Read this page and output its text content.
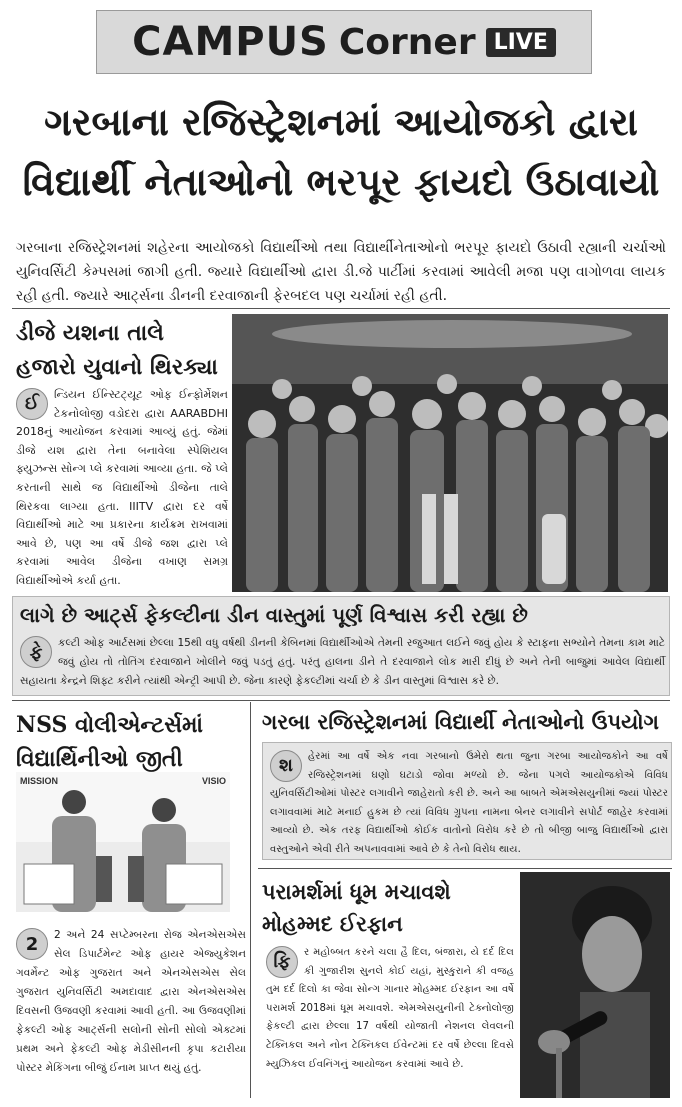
CAMPUS Corner LIVE
ગરબાના રજિસ્ટ્રેશનમાં આયોજકો દ્વારા
વિદ્યાર્થી નેતાઓનો ભરપૂર ફાયદો ઉઠાવાયો
ગરબાના રજિસ્ટ્રેશનમાં શહેરના આયોજકો વિદ્યાર્થીઓ તથા વિદ્યાર્થીનેતાઓનો ભરપૂર ફાયદો ઉઠાવી રહ્યાની ચર્ચાઓ યુનિવર્સિટી કેમ્પસમાં જાગી હતી. જ્યારે વિદ્યાર્થીઓ દ્વારા ડી.જે પાર્ટીમાં કરવામાં આવેલી મજા પણ વાગોળવા લાયક રહી હતી. જ્યારે આર્ટ્સના ડીનની દરવાજાની ફેરબદલ પણ ચર્ચામાં રહી હતી.
ડીજે યશના તાલે
હજારો યુવાનો થિરક્યા
ઈ	ન્ડિયન ઈન્સ્ટિટ્યૂટ ઓફ ઈન્ફોર્મેશન ટેકનોલોજી વડોદરા દ્વારા AARABDHI 2018નું આયોજન કરવામાં આવ્યું હતું. જેમાં ડીજે યશ દ્વારા તેના બનાવેલા સ્પેશિયલ ફ્યુઝન્સ સોન્ગ પ્લે કરવામાં આવ્યા હતા. જે પ્લે કરતાની સાથે જ વિદ્યાર્થીઓ ડીજેના તાલે થિરકવા લાગ્યા હતા. IIITV દ્વારા દર વર્ષે વિદ્યાર્થીઓ માટે આ પ્રકારના કાર્યક્રમ રાખવામાં આવે છે, પણ આ વર્ષે ડીજે જશ દ્વારા પ્લે કરવામાં આવેલ ડીજેના વખાણ સમગ્ર વિદ્યાર્થીઓએ કર્યા હતા.
લાગે છે આર્ટ્સ ફેકલ્ટીના ડીન વાસ્તુમાં પૂર્ણ વિશ્વાસ કરી રહ્યા છે
ફે	કલ્ટી ઓફ આર્ટસમાં છેલ્લા 15થી વધુ વર્ષથી ડીનની કેબિનમાં વિદ્યાર્થીઓએ તેમની રજુઆત લઈને જવું હોય કે સ્ટાફના સભ્યોને તેમના કામ માટે જવું હોય તો તોતિંગ દરવાજાને ખોલીને જવું પડતું હતું. પરંતુ હાલના ડીને તે દરવાજાને લોક મારી દીધું છે અને તેની બાજુમાં આવેલ વિદ્યાર્થી સહાયતા કેન્દ્રને શિફ્ટ કરીને ત્યાંથી એન્ટ્રી આપી છે. જેના કારણે ફેકલ્ટીમાં ચર્ચા છે કે ડીન વાસ્તુમાં વિશ્વાસ કરે છે.
NSS વોલીએન્ટર્સમાં
વિદ્યાર્થિનીઓ જીતી
MISSION	VISIO
2	2 અને 24 સપ્ટેમ્બરના રોજ એનએસએસ સેલ ડિપાર્ટમેન્ટ ઓફ હાયર એજ્યુકેશન ગવર્મેન્ટ ઓફ ગુજરાત અને એનએસએસ સેલ ગુજરાત યુનિવર્સિટી અમદાવાદ દ્વારા એનએસએસ દિવસની ઉજવણી કરવામાં આવી હતી. આ ઉજવણીમાં ફેકલ્ટી ઓફ આર્ટ્સની સલોની સોની સોલો એક્ટમાં પ્રથમ અને ફેકલ્ટી ઓફ મેડીસીનની કૃપા કટારીયા પોસ્ટર મેકિંગના બીજું ઈનામ પ્રાપ્ત થયું હતું.
ગરબા રજિસ્ટ્રેશનમાં વિદ્યાર્થી નેતાઓનો ઉપયોગ
શ	હેરમાં આ વર્ષે એક નવા ગરબાનો ઉમેરો થતા જુના ગરબા આયોજકોને આ વર્ષે રજિસ્ટ્રેશનમાં ઘણો ઘટાડો જોવા મળ્યો છે. જેના પગલે આયોજકોએ વિવિધ યુનિવર્સિટીઓમાં પોસ્ટર લગાવીને જાહેરાતો કરી છે. અને આ બાબતે એમએસયુનીમાં જ્યાં પોસ્ટર લગાવવામાં માટે મનાઈ હુકમ છે ત્યાં વિવિધ ગ્રુપના નામના બેનર લગાવીને સપોર્ટ જાહેર કરવામાં આવ્યો છે. એક તરફ વિદ્યાર્થીઓ કોઈક વાતોનો વિરોધ કરે છે તો બીજી બાજુ વિદ્યાર્થીઓ દ્વારા વસ્તુઓને એવી રીતે અપનાવવામાં આવે છે કે તેનો વિરોધ થાય.
પરામર્શમાં ધૂમ મચાવશે
મોહમ્મદ ઈરફાન
ફિ	ર મહોબ્બત કરને ચલા હૈ દિલ, બંજારા, યે દર્દ દિલ કી ગુજારીશ સુનલે કોઈ યહાં, મુસ્કુરાને કી વજહ તુમ દર્દ દિલો કા જેવા સોન્ગ ગાનાર મોહમ્મદ ઈરફાન આ વર્ષે પરામર્શ 2018માં ધૂમ મચાવશે. એમએસયુનીની ટેક્નોલોજી ફેકલ્ટી દ્વારા છેલ્લા 17 વર્ષથી યોજાતી નેશનલ લેવલની ટેક્નિકલ અને નોન ટેક્નિકલ ઈવેન્ટમાં દર વર્ષે છેલ્લા દિવસે મ્યુઝિકલ ઈવનિંગનું આયોજન કરવામાં આવે છે.
